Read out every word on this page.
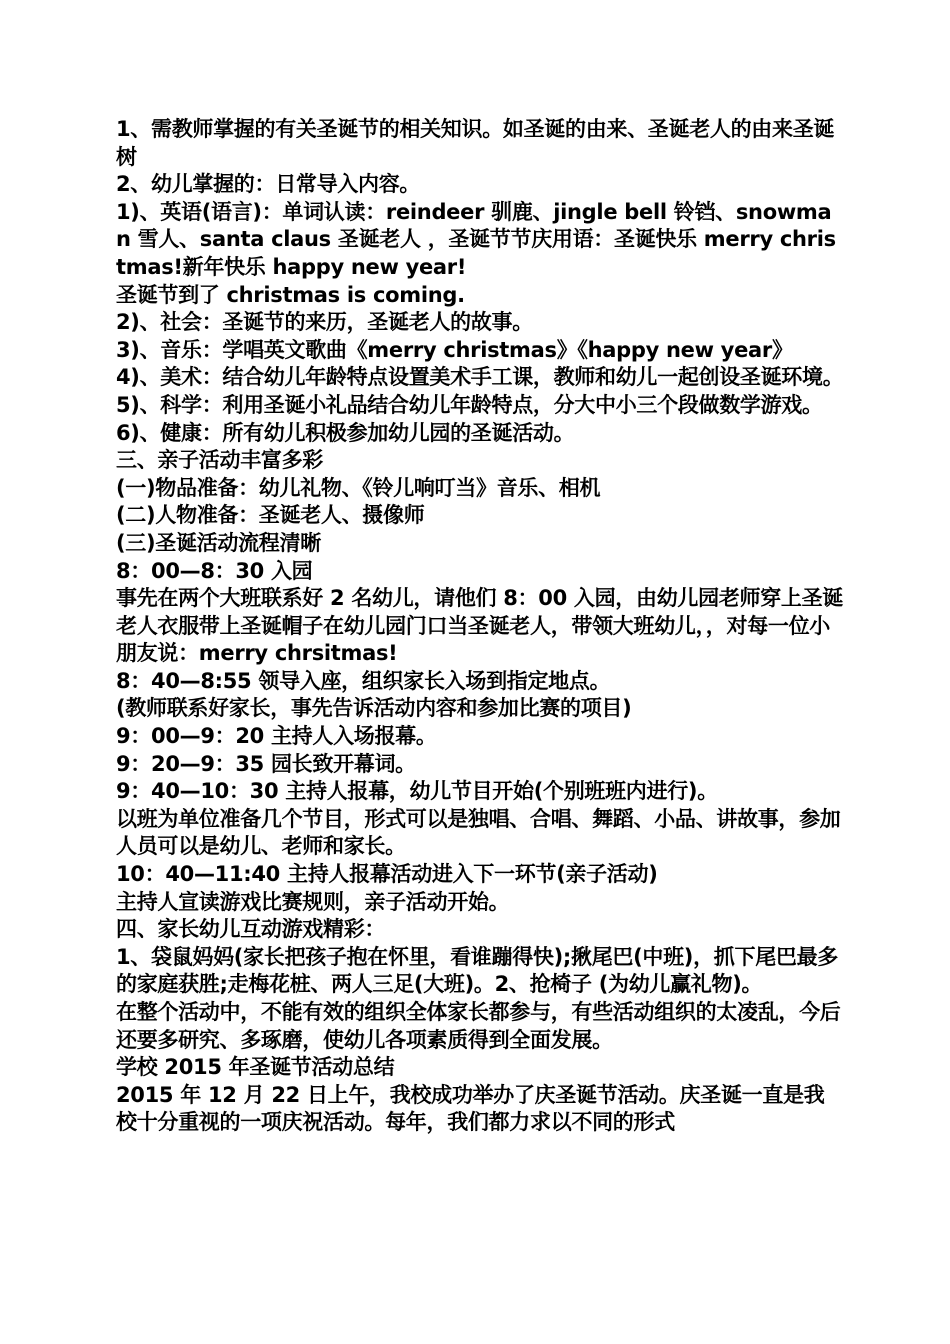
1、需教师掌握的有关圣诞节的相关知识。如圣诞的由来、圣诞老人的由来圣诞树

2、幼儿掌握的：日常导入内容。

1)、英语(语言)：单词认读：reindeer 驯鹿、jingle bell 铃铛、snowman 雪人、santa claus 圣诞老人 ，圣诞节节庆用语：圣诞快乐 merry christmas!新年快乐 happy new year!

圣诞节到了 christmas is coming.

2)、社会：圣诞节的来历，圣诞老人的故事。

3)、音乐：学唱英文歌曲《merry christmas》《happy new year》

4)、美术：结合幼儿年龄特点设置美术手工课，教师和幼儿一起创设圣诞环境。

5)、科学：利用圣诞小礼品结合幼儿年龄特点，分大中小三个段做数学游戏。

6)、健康：所有幼儿积极参加幼儿园的圣诞活动。

三、亲子活动丰富多彩

(一)物品准备：幼儿礼物、《铃儿响叮当》音乐、相机

(二)人物准备：圣诞老人、摄像师

(三)圣诞活动流程清晰

8：00—8：30 入园

事先在两个大班联系好 2 名幼儿，请他们 8：00 入园，由幼儿园老师穿上圣诞老人衣服带上圣诞帽子在幼儿园门口当圣诞老人，带领大班幼儿，，对每一位小朋友说：merry chrsitmas!

8：40—8:55 领导入座，组织家长入场到指定地点。

(教师联系好家长，事先告诉活动内容和参加比赛的项目)

9：00—9：20 主持人入场报幕。

9：20—9：35 园长致开幕词。

9：40—10：30 主持人报幕，幼儿节目开始(个别班班内进行)。

以班为单位准备几个节目，形式可以是独唱、合唱、舞蹈、小品、讲故事，参加人员可以是幼儿、老师和家长。

10：40—11:40 主持人报幕活动进入下一环节(亲子活动)

主持人宣读游戏比赛规则，亲子活动开始。

四、家长幼儿互动游戏精彩：

1、袋鼠妈妈(家长把孩子抱在怀里，看谁蹦得快);揪尾巴(中班)，抓下尾巴最多的家庭获胜;走梅花桩、两人三足(大班)。2、抢椅子 (为幼儿赢礼物)。

在整个活动中，不能有效的组织全体家长都参与，有些活动组织的太凌乱，今后还要多研究、多琢磨，使幼儿各项素质得到全面发展。

学校 2015 年圣诞节活动总结

2015 年 12 月 22 日上午，我校成功举办了庆圣诞节活动。庆圣诞一直是我校十分重视的一项庆祝活动。每年，我们都力求以不同的形式
